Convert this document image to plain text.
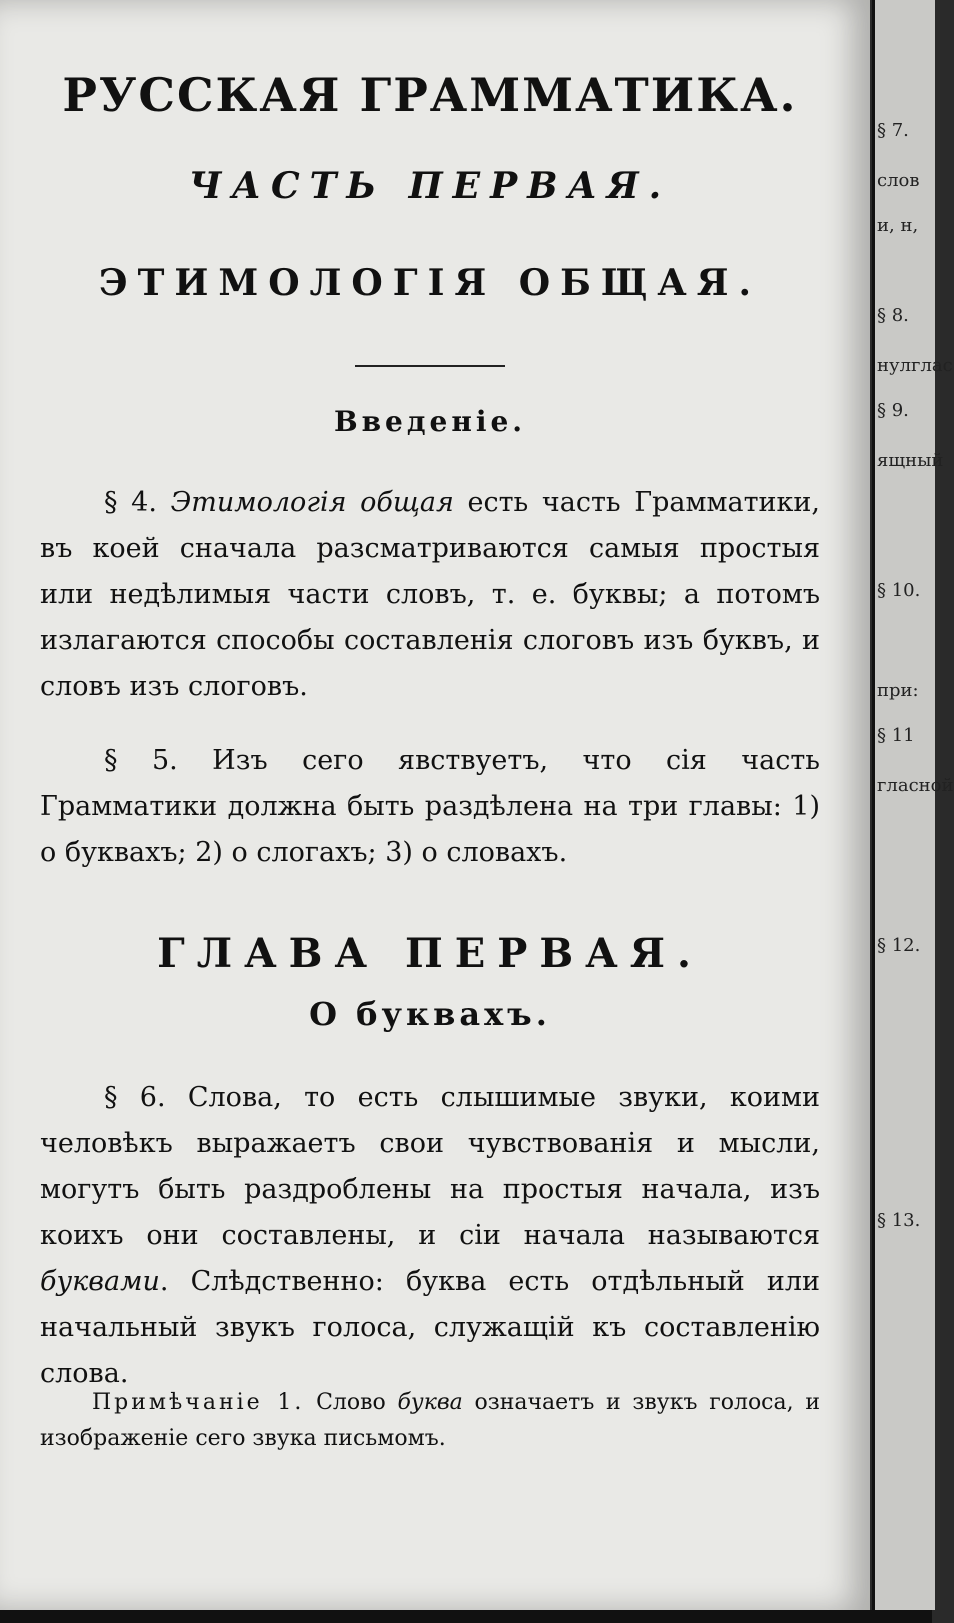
РУССКАЯ ГРАММАТИКА.
ЧАСТЬ ПЕРВАЯ.
ЭТИМОЛОГІЯ ОБЩАЯ.
Введеніе.
§ 4. Этимологія общая есть часть Грамматики, въ коей сначала разсматриваются самыя простыя или недѣлимыя части словъ, т. е. буквы; а потомъ излагаются способы составленія слоговъ изъ буквъ, и словъ изъ слоговъ.
§ 5. Изъ сего явствуетъ, что сія часть Грамматики должна быть раздѣлена на три главы: 1) о буквахъ; 2) о слогахъ; 3) о словахъ.
ГЛАВА ПЕРВАЯ.
О буквахъ.
§ 6. Слова, то есть слышимые звуки, коими человѣкъ выражаетъ свои чувствованія и мысли, могутъ быть раздроблены на простыя начала, изъ коихъ они составлены, и сіи начала называются буквами. Слѣдственно: буква есть отдѣльный или начальный звукъ голоса, служащій къ составленію слова.
Примѣчаніе 1. Слово буква означаетъ и звукъ голоса, и изображеніе сего звука письмомъ.
§ 7.
слов
и, н,
§ 8.
нулглас
§ 9.
ящный
§ 10.
при:
§ 11
гласной
§ 12.
§ 13.
